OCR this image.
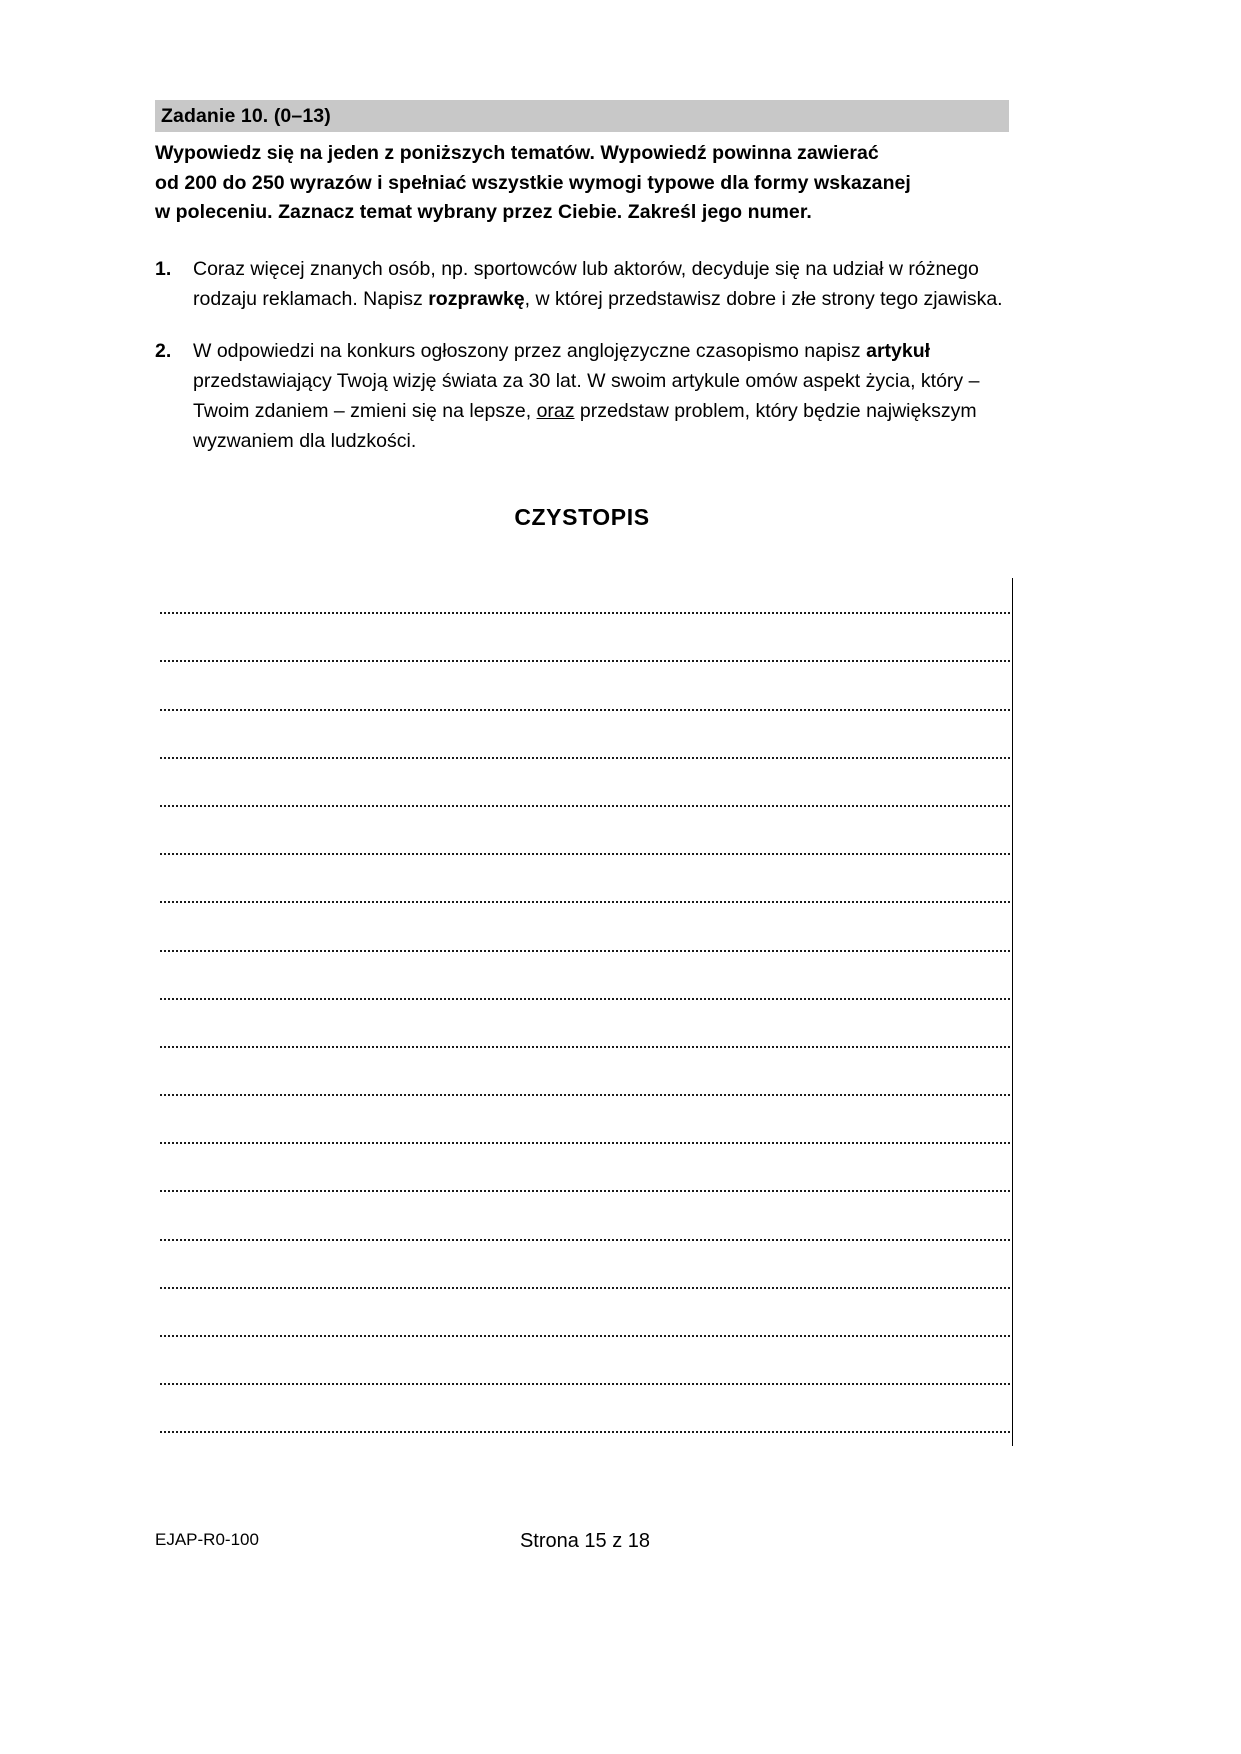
Zadanie 10. (0–13)
Wypowiedz się na jeden z poniższych tematów. Wypowiedź powinna zawierać
od 200 do 250 wyrazów i spełniać wszystkie wymogi typowe dla formy wskazanej
w poleceniu. Zaznacz temat wybrany przez Ciebie. Zakreśl jego numer.
1.	Coraz więcej znanych osób, np. sportowców lub aktorów, decyduje się na udział w różnego rodzaju reklamach. Napisz rozprawkę, w której przedstawisz dobre i złe strony tego zjawiska.
2.	W odpowiedzi na konkurs ogłoszony przez anglojęzyczne czasopismo napisz artykuł przedstawiający Twoją wizję świata za 30 lat. W swoim artykule omów aspekt życia, który – Twoim zdaniem – zmieni się na lepsze, oraz przedstaw problem, który będzie największym wyzwaniem dla ludzkości.
CZYSTOPIS
EJAP-R0-100	Strona 15 z 18
